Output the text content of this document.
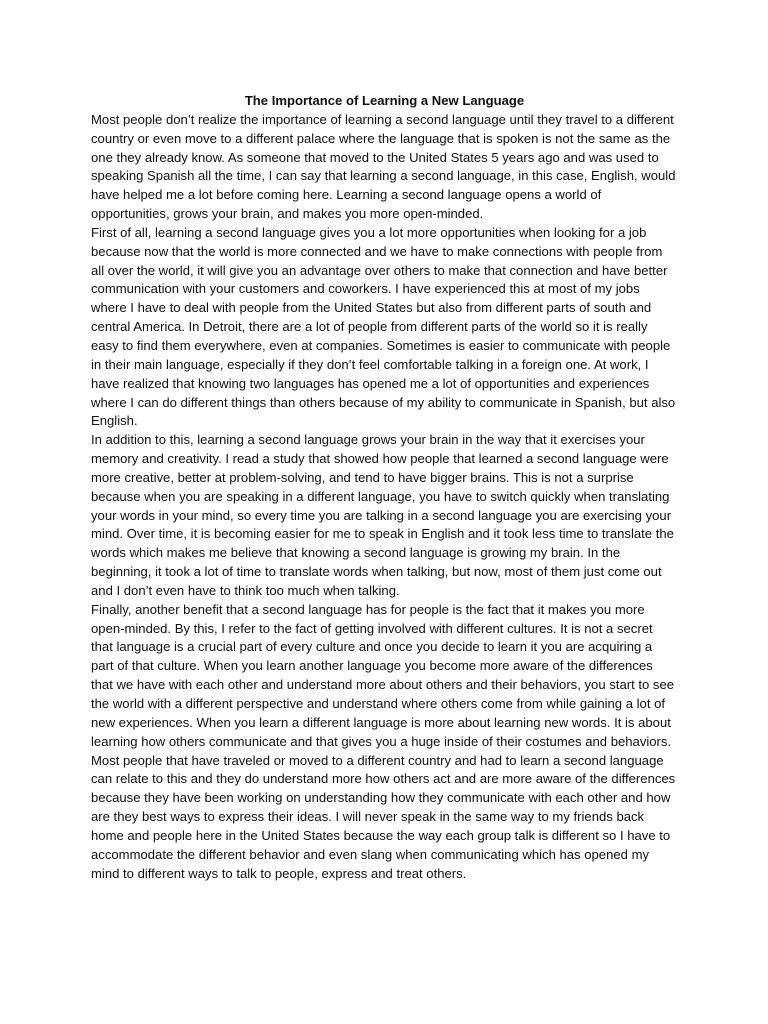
The Importance of Learning a New Language

Most people don’t realize the importance of learning a second language until they travel to a different country or even move to a different palace where the language that is spoken is not the same as the one they already know. As someone that moved to the United States 5 years ago and was used to speaking Spanish all the time, I can say that learning a second language, in this case, English, would have helped me a lot before coming here. Learning a second language opens a world of opportunities, grows your brain, and makes you more open-minded.

First of all, learning a second language gives you a lot more opportunities when looking for a job because now that the world is more connected and we have to make connections with people from all over the world, it will give you an advantage over others to make that connection and have better communication with your customers and coworkers. I have experienced this at most of my jobs where I have to deal with people from the United States but also from different parts of south and central America. In Detroit, there are a lot of people from different parts of the world so it is really easy to find them everywhere, even at companies. Sometimes is easier to communicate with people in their main language, especially if they don’t feel comfortable talking in a foreign one. At work, I have realized that knowing two languages has opened me a lot of opportunities and experiences where I can do different things than others because of my ability to communicate in Spanish, but also English.

In addition to this, learning a second language grows your brain in the way that it exercises your memory and creativity. I read a study that showed how people that learned a second language were more creative, better at problem-solving, and tend to have bigger brains. This is not a surprise because when you are speaking in a different language, you have to switch quickly when translating your words in your mind, so every time you are talking in a second language you are exercising your mind. Over time, it is becoming easier for me to speak in English and it took less time to translate the words which makes me believe that knowing a second language is growing my brain. In the beginning, it took a lot of time to translate words when talking, but now, most of them just come out and I don’t even have to think too much when talking.

Finally, another benefit that a second language has for people is the fact that it makes you more open-minded. By this, I refer to the fact of getting involved with different cultures. It is not a secret that language is a crucial part of every culture and once you decide to learn it you are acquiring a part of that culture. When you learn another language you become more aware of the differences that we have with each other and understand more about others and their behaviors, you start to see the world with a different perspective and understand where others come from while gaining a lot of new experiences. When you learn a different language is more about learning new words. It is about learning how others communicate and that gives you a huge inside of their costumes and behaviors. Most people that have traveled or moved to a different country and had to learn a second language can relate to this and they do understand more how others act and are more aware of the differences because they have been working on understanding how they communicate with each other and how are they best ways to express their ideas. I will never speak in the same way to my friends back home and people here in the United States because the way each group talk is different so I have to accommodate the different behavior and even slang when communicating which has opened my mind to different ways to talk to people, express and treat others.
